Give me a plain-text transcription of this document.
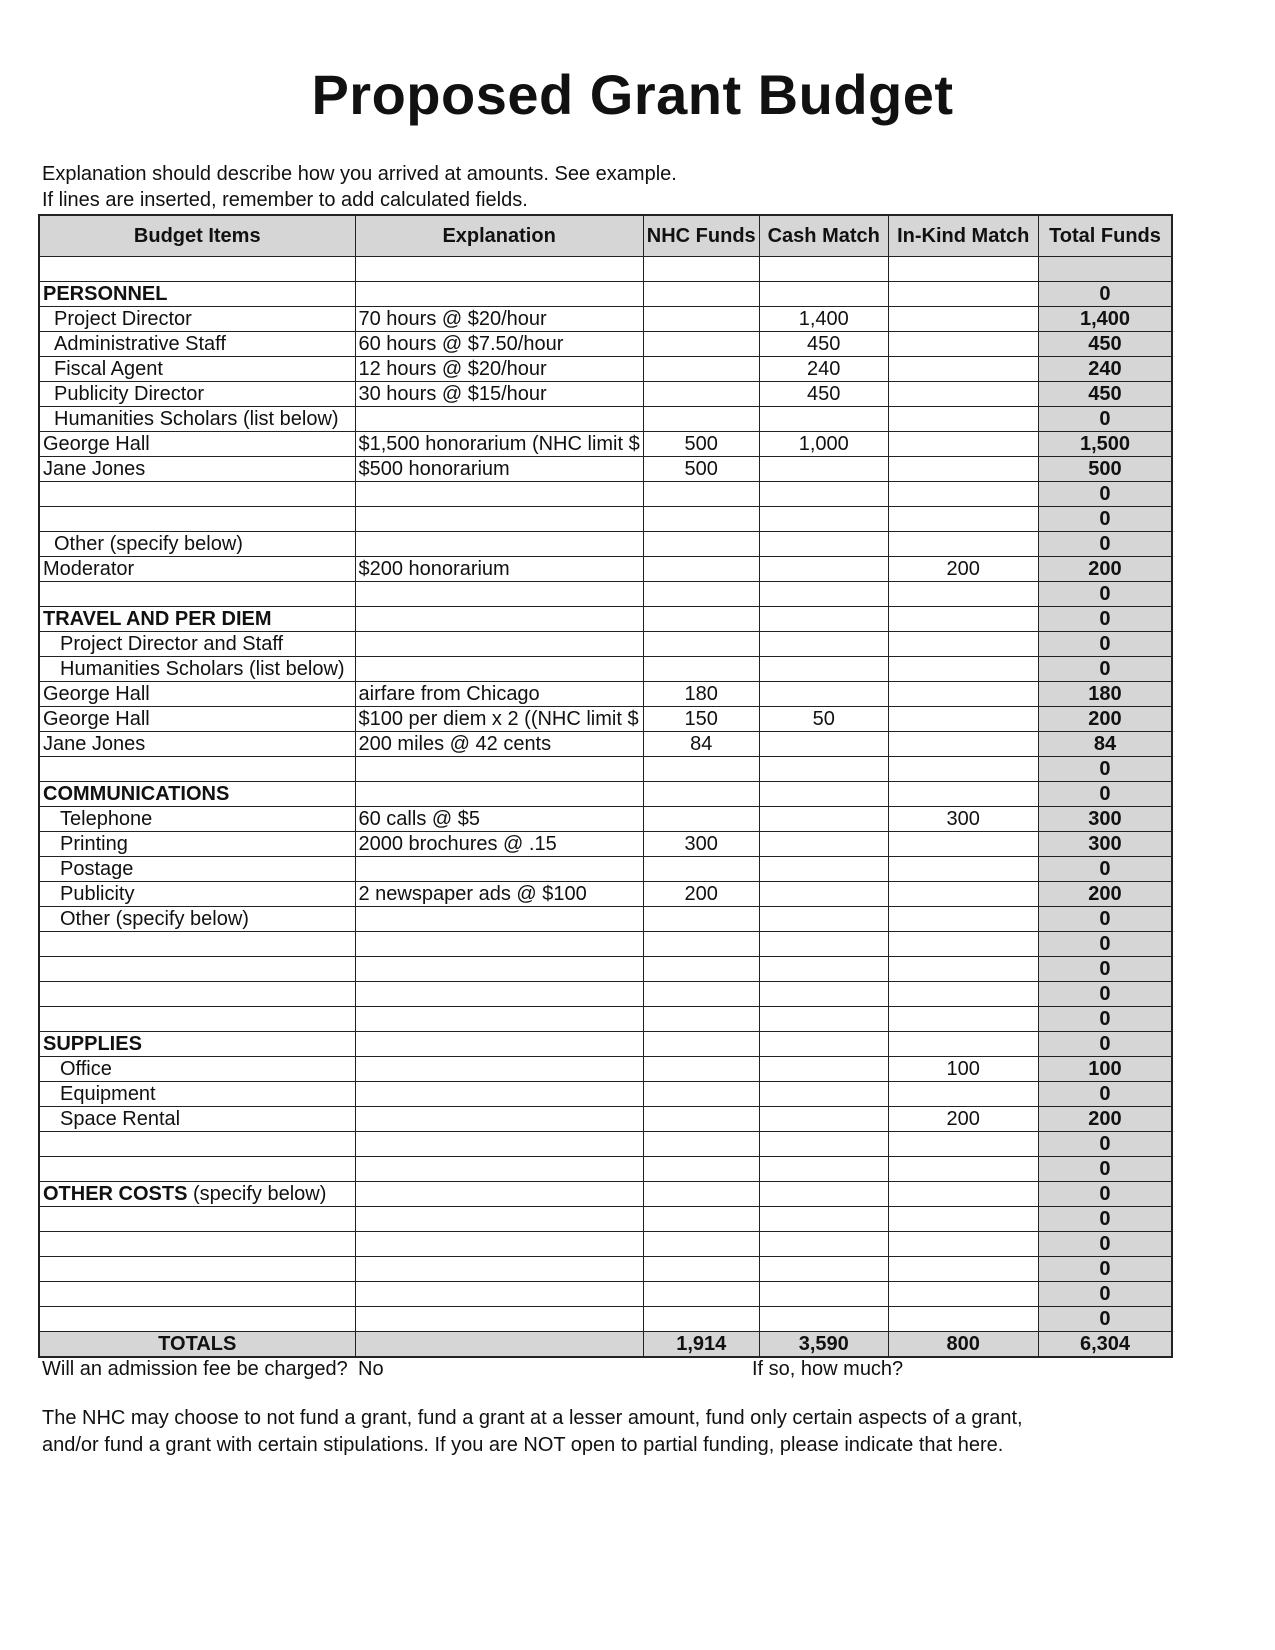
Proposed Grant Budget
Explanation should describe how you arrived at amounts. See example.
If lines are inserted, remember to add calculated fields.
Budget Items	Explanation	NHC Funds	Cash Match	In-Kind Match	Total Funds

PERSONNEL					0
Project Director	70 hours @ $20/hour		1,400		1,400
Administrative Staff	60 hours @ $7.50/hour		450		450
Fiscal Agent	12 hours @ $20/hour		240		240
Publicity Director	30 hours @ $15/hour		450		450
Humanities Scholars (list below)					0
George Hall	$1,500 honorarium (NHC limit $	500	1,000		1,500
Jane Jones	$500 honorarium	500			500
					0
					0
Other (specify below)					0
Moderator	$200 honorarium			200	200
					0
TRAVEL AND PER DIEM					0
Project Director and Staff					0
Humanities Scholars (list below)					0
George Hall	airfare from Chicago	180			180
George Hall	$100 per diem x 2 ((NHC limit $	150	50		200
Jane Jones	200 miles @ 42 cents	84			84
					0
COMMUNICATIONS					0
Telephone	60 calls @ $5			300	300
Printing	2000 brochures @ .15	300			300
Postage					0
Publicity	2 newspaper ads @ $100	200			200
Other (specify below)					0
					0
					0
					0
					0
SUPPLIES					0
Office				100	100
Equipment					0
Space Rental				200	200
					0
					0
OTHER COSTS (specify below)					0
					0
					0
					0
					0
					0
TOTALS		1,914	3,590	800	6,304
Will an admission fee be charged? No	If so, how much?
The NHC may choose to not fund a grant, fund a grant at a lesser amount, fund only certain aspects of a grant,
and/or fund a grant with certain stipulations. If you are NOT open to partial funding, please indicate that here.
